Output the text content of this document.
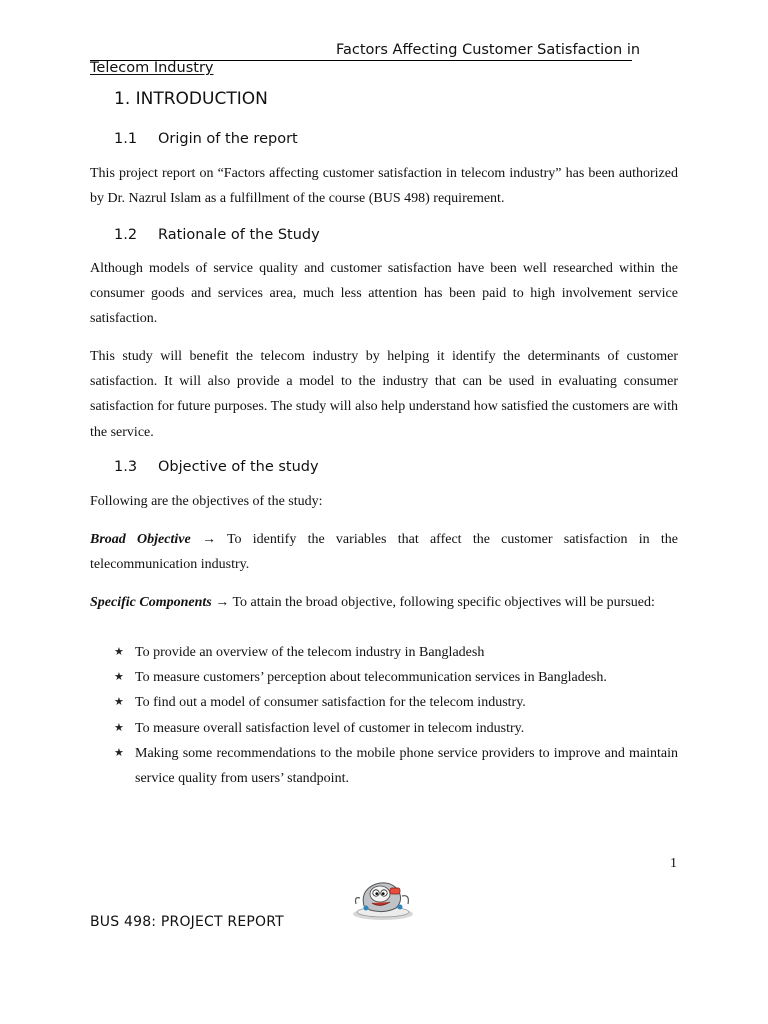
Factors Affecting Customer Satisfaction in
Telecom Industry
1. INTRODUCTION
1.1 Origin of the report
This project report on “Factors affecting customer satisfaction in telecom industry” has been authorized by Dr. Nazrul Islam as a fulfillment of the course (BUS 498) requirement.
1.2 Rationale of the Study
Although models of service quality and customer satisfaction have been well researched within the consumer goods and services area, much less attention has been paid to high involvement service satisfaction.
This study will benefit the telecom industry by helping it identify the determinants of customer satisfaction. It will also provide a model to the industry that can be used in evaluating consumer satisfaction for future purposes. The study will also help understand how satisfied the customers are with the service.
1.3 Objective of the study
Following are the objectives of the study:
Broad Objective → To identify the variables that affect the customer satisfaction in the telecommunication industry.
Specific Components → To attain the broad objective, following specific objectives will be pursued:
★ To provide an overview of the telecom industry in Bangladesh
★ To measure customers’ perception about telecommunication services in Bangladesh.
★ To find out a model of consumer satisfaction for the telecom industry.
★ To measure overall satisfaction level of customer in telecom industry.
★ Making some recommendations to the mobile phone service providers to improve and maintain service quality from users’ standpoint.
1
BUS 498: PROJECT REPORT
